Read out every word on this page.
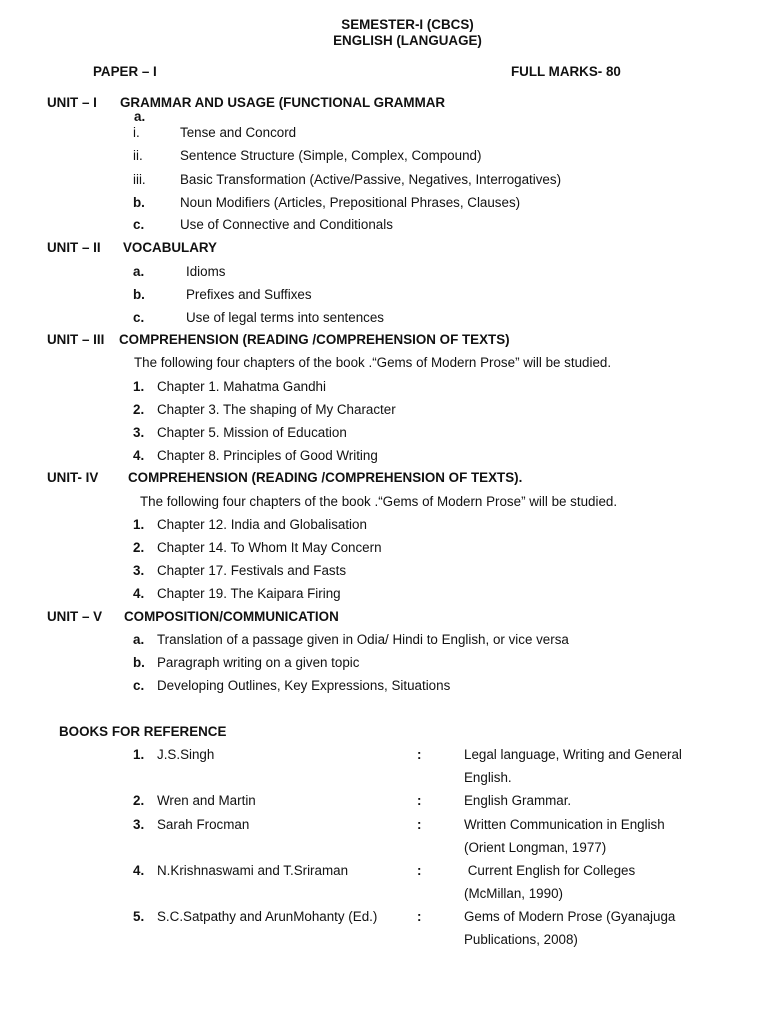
SEMESTER-I (CBCS)
ENGLISH (LANGUAGE)
PAPER – I	FULL MARKS- 80
UNIT – I GRAMMAR AND USAGE (FUNCTIONAL GRAMMAR
a.
i.	Tense and Concord
ii.	Sentence Structure (Simple, Complex, Compound)
iii.	Basic Transformation (Active/Passive, Negatives, Interrogatives)
b.	Noun Modifiers (Articles, Prepositional Phrases, Clauses)
c.	Use of Connective and Conditionals
UNIT – II VOCABULARY
a.	Idioms
b.	Prefixes and Suffixes
c.	Use of legal terms into sentences
UNIT – III COMPREHENSION (READING /COMPREHENSION OF TEXTS)
The following four chapters of the book .“Gems of Modern Prose” will be studied.
1. Chapter 1. Mahatma Gandhi
2. Chapter 3. The shaping of My Character
3. Chapter 5. Mission of Education
4. Chapter 8. Principles of Good Writing
UNIT- IV COMPREHENSION (READING /COMPREHENSION OF TEXTS).
The following four chapters of the book .“Gems of Modern Prose” will be studied.
1. Chapter 12. India and Globalisation
2. Chapter 14. To Whom It May Concern
3. Chapter 17. Festivals and Fasts
4. Chapter 19. The Kaipara Firing
UNIT – V COMPOSITION/COMMUNICATION
a. Translation of a passage given in Odia/ Hindi to English, or vice versa
b. Paragraph writing on a given topic
c. Developing Outlines, Key Expressions, Situations
BOOKS FOR REFERENCE
1. J.S.Singh	:	Legal language, Writing and General
English.
2. Wren and Martin	:	English Grammar.
3. Sarah Frocman	:	Written Communication in English
(Orient Longman, 1977)
4. N.Krishnaswami and T.Sriraman	:	Current English for Colleges
(McMillan, 1990)
5. S.C.Satpathy and ArunMohanty (Ed.)	:	Gems of Modern Prose (Gyanajuga
Publications, 2008)
